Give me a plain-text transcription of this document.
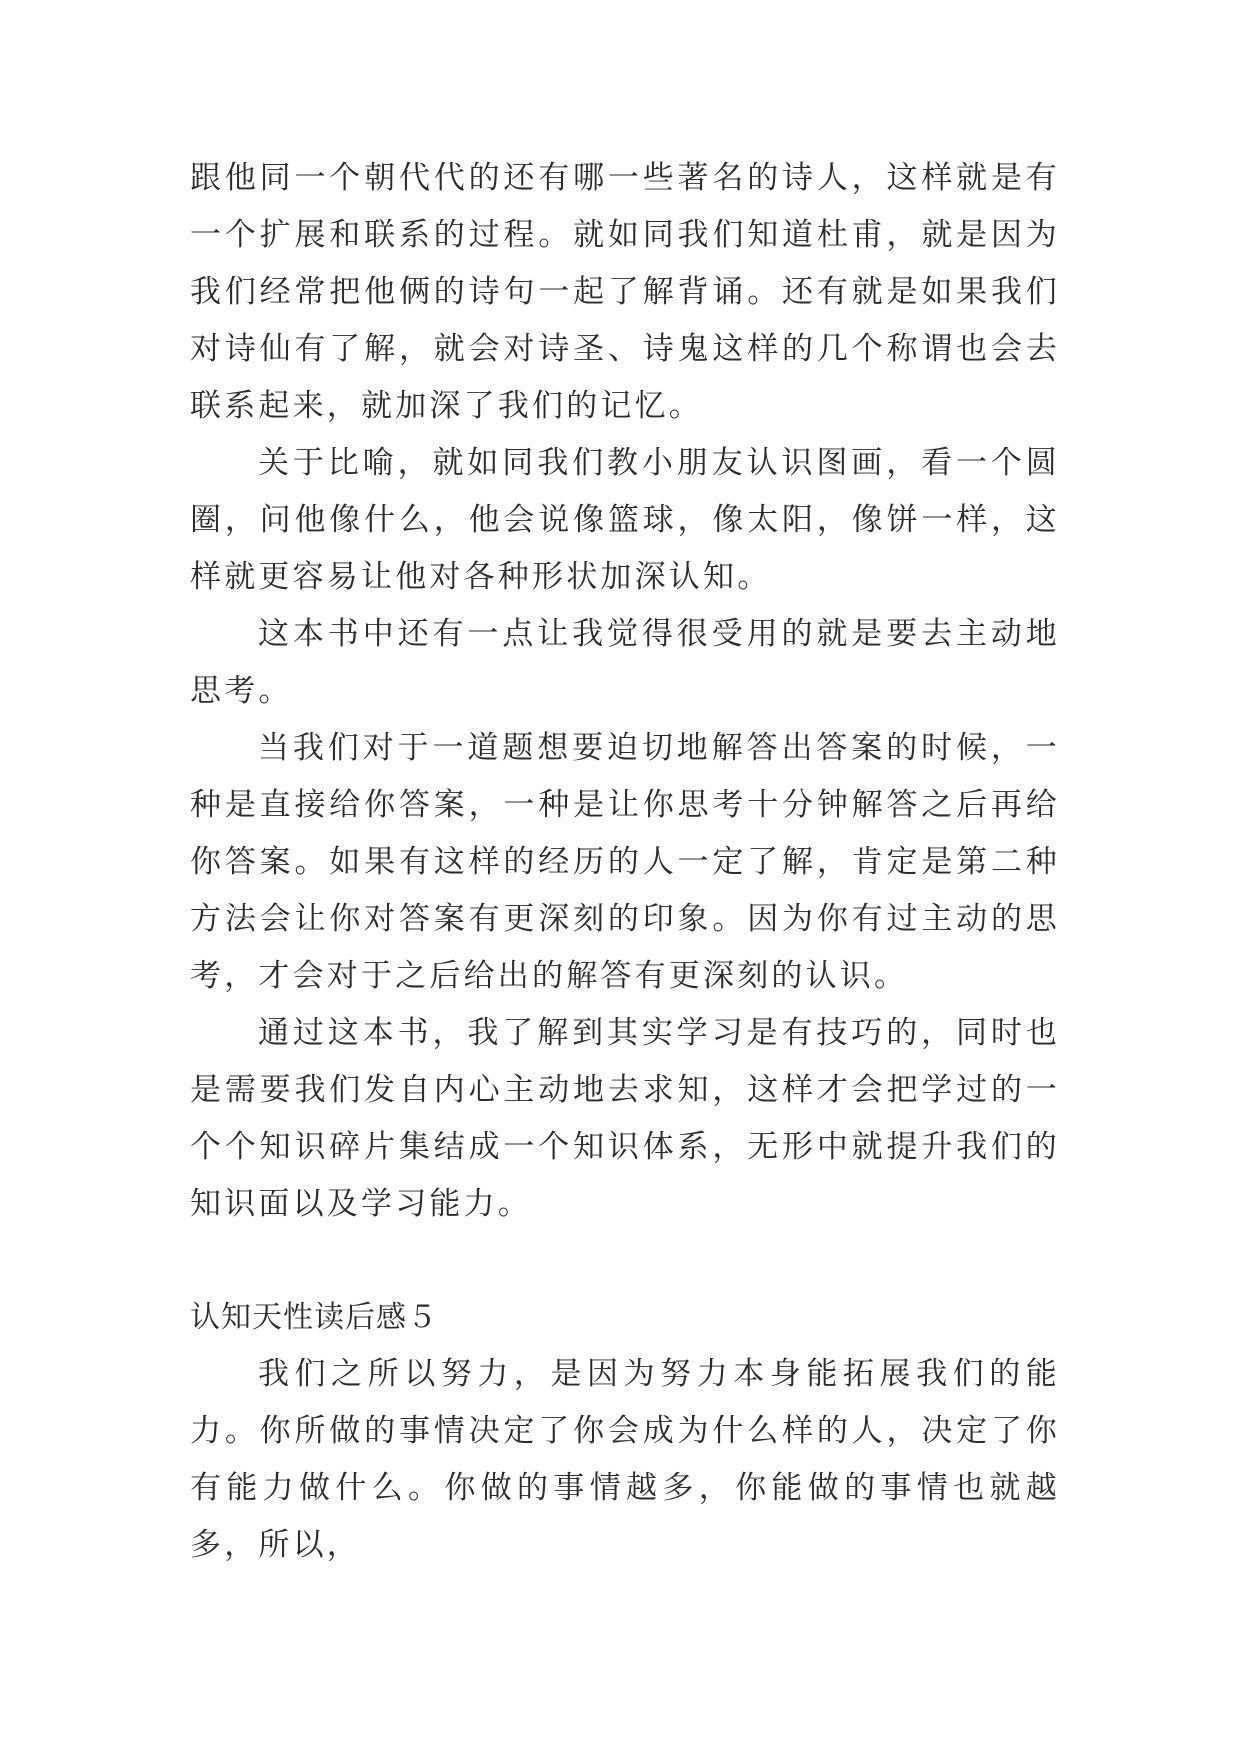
跟他同一个朝代代的还有哪一些著名的诗人，这样就是有一个扩展和联系的过程。就如同我们知道杜甫，就是因为我们经常把他俩的诗句一起了解背诵。还有就是如果我们对诗仙有了解，就会对诗圣、诗鬼这样的几个称谓也会去联系起来，就加深了我们的记忆。

关于比喻，就如同我们教小朋友认识图画，看一个圆圈，问他像什么，他会说像篮球，像太阳，像饼一样，这样就更容易让他对各种形状加深认知。

这本书中还有一点让我觉得很受用的就是要去主动地思考。

当我们对于一道题想要迫切地解答出答案的时候，一种是直接给你答案，一种是让你思考十分钟解答之后再给你答案。如果有这样的经历的人一定了解，肯定是第二种方法会让你对答案有更深刻的印象。因为你有过主动的思考，才会对于之后给出的解答有更深刻的认识。

通过这本书，我了解到其实学习是有技巧的，同时也是需要我们发自内心主动地去求知，这样才会把学过的一个个知识碎片集结成一个知识体系，无形中就提升我们的知识面以及学习能力。

认知天性读后感５

我们之所以努力，是因为努力本身能拓展我们的能力。你所做的事情决定了你会成为什么样的人，决定了你有能力做什么。你做的事情越多，你能做的事情也就越多，所以，
